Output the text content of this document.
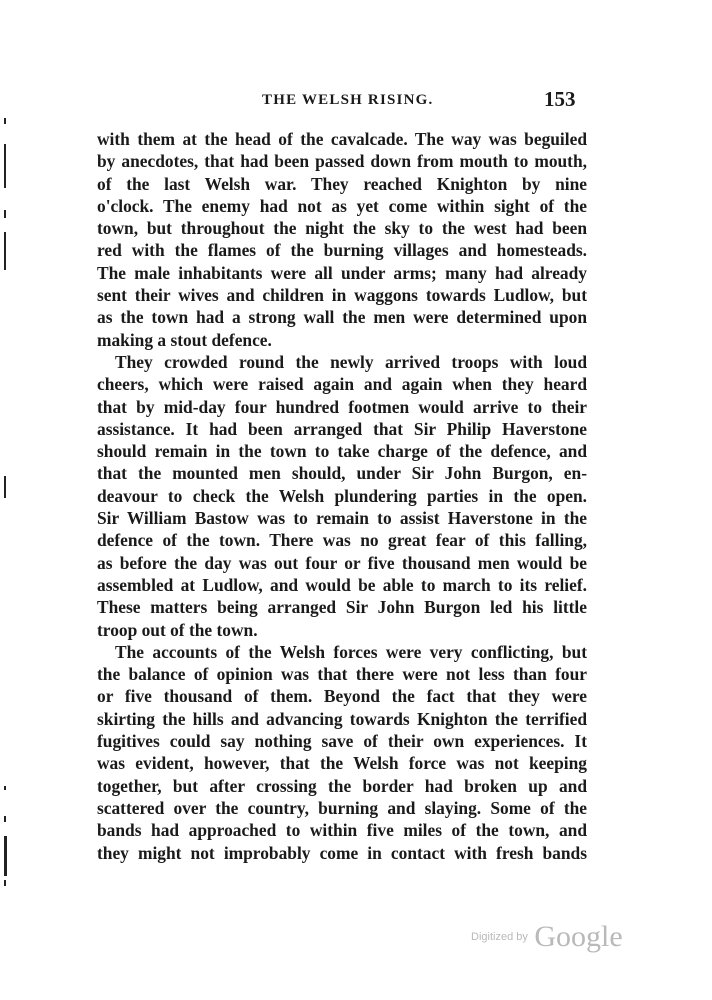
THE WELSH RISING.	153
with them at the head of the cavalcade. The way was beguiled
by anecdotes, that had been passed down from mouth to mouth,
of the last Welsh war. They reached Knighton by nine
o'clock. The enemy had not as yet come within sight of the
town, but throughout the night the sky to the west had been
red with the flames of the burning villages and homesteads.
The male inhabitants were all under arms; many had already
sent their wives and children in waggons towards Ludlow, but
as the town had a strong wall the men were determined upon
making a stout defence.
They crowded round the newly arrived troops with loud
cheers, which were raised again and again when they heard
that by mid-day four hundred footmen would arrive to their
assistance. It had been arranged that Sir Philip Haverstone
should remain in the town to take charge of the defence, and
that the mounted men should, under Sir John Burgon, en-
deavour to check the Welsh plundering parties in the open.
Sir William Bastow was to remain to assist Haverstone in the
defence of the town. There was no great fear of this falling,
as before the day was out four or five thousand men would be
assembled at Ludlow, and would be able to march to its relief.
These matters being arranged Sir John Burgon led his little
troop out of the town.
The accounts of the Welsh forces were very conflicting, but
the balance of opinion was that there were not less than four
or five thousand of them. Beyond the fact that they were
skirting the hills and advancing towards Knighton the terrified
fugitives could say nothing save of their own experiences. It
was evident, however, that the Welsh force was not keeping
together, but after crossing the border had broken up and
scattered over the country, burning and slaying. Some of the
bands had approached to within five miles of the town, and
they might not improbably come in contact with fresh bands
Digitized by Google
